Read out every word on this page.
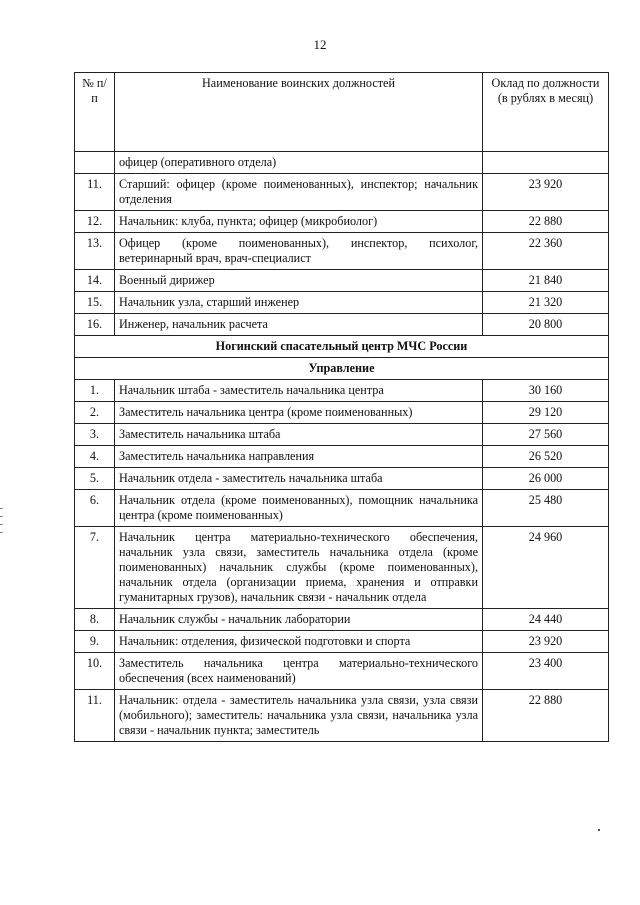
12
№ п/п	Наименование воинских должностей	Оклад по должности (в рублях в месяц)
	офицер (оперативного отдела)	
11.	Старший: офицер (кроме поименованных), инспектор; начальник отделения	23 920
12.	Начальник: клуба, пункта; офицер (микробиолог)	22 880
13.	Офицер (кроме поименованных), инспектор, психолог, ветеринарный врач, врач-специалист	22 360
14.	Военный дирижер	21 840
15.	Начальник узла, старший инженер	21 320
16.	Инженер, начальник расчета	20 800
Ногинский спасательный центр МЧС России		
Управление		
1.	Начальник штаба - заместитель начальника центра	30 160
2.	Заместитель начальника центра (кроме поименованных)	29 120
3.	Заместитель начальника штаба	27 560
4.	Заместитель начальника направления	26 520
5.	Начальник отдела - заместитель начальника штаба	26 000
6.	Начальник отдела (кроме поименованных), помощник начальника центра (кроме поименованных)	25 480
7.	Начальник центра материально-технического обеспечения, начальник узла связи, заместитель начальника отдела (кроме поименованных) начальник службы (кроме поименованных), начальник отдела (организации приема, хранения и отправки гуманитарных грузов), начальник связи - начальник отдела	24 960
8.	Начальник службы - начальник лаборатории	24 440
9.	Начальник: отделения, физической подготовки и спорта	23 920
10.	Заместитель начальника центра материально-технического обеспечения (всех наименований)	23 400
11.	Начальник: отдела - заместитель начальника узла связи, узла связи (мобильного); заместитель: начальника узла связи, начальника узла связи - начальник пункта; заместитель	22 880
